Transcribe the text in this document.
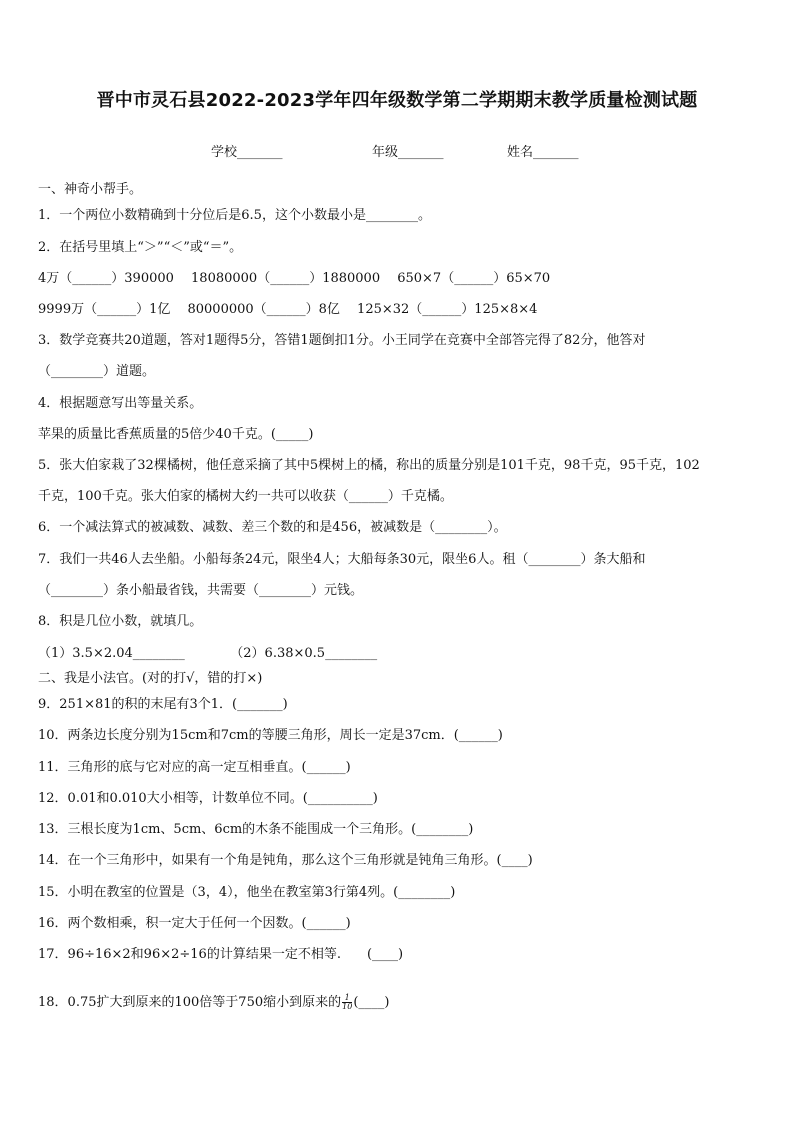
晋中市灵石县2022-2023学年四年级数学第二学期期末教学质量检测试题
学校_______	年级_______	姓名_______
一、神奇小帮手。
1．一个两位小数精确到十分位后是6.5，这个小数最小是________。
2．在括号里填上“＞”“＜”或“＝”。
4万（______）390000　 18080000（______）1880000　 650×7（______）65×70
9999万（______）1亿　 80000000（______）8亿　 125×32（______）125×8×4
3．数学竞赛共20道题，答对1题得5分，答错1题倒扣1分。小王同学在竞赛中全部答完得了82分，他答对
（________）道题。
4．根据题意写出等量关系。
苹果的质量比香蕉质量的5倍少40千克。(_____)
5．张大伯家栽了32棵橘树，他任意采摘了其中5棵树上的橘，称出的质量分别是101千克，98千克，95千克，102
千克，100千克。张大伯家的橘树大约一共可以收获（______）千克橘。
6．一个减法算式的被减数、减数、差三个数的和是456，被减数是（________）。
7．我们一共46人去坐船。小船每条24元，限坐4人；大船每条30元，限坐6人。租（________）条大船和
（________）条小船最省钱，共需要（________）元钱。
8．积是几位小数，就填几。
（1）3.5×2.04________　　　　（2）6.38×0.5________
二、我是小法官。(对的打√，错的打×)
9．251×81的积的末尾有3个1．(_______)
10．两条边长度分别为15cm和7cm的等腰三角形，周长一定是37cm．(______)
11．三角形的底与它对应的高一定互相垂直。(______)
12．0.01和0.010大小相等，计数单位不同。(__________)
13．三根长度为1cm、5cm、6cm的木条不能围成一个三角形。(________)
14．在一个三角形中，如果有一个角是钝角，那么这个三角形就是钝角三角形。(____)
15．小明在教室的位置是（3，4），他坐在教室第3行第4列。(________)
16．两个数相乘，积一定大于任何一个因数。(______)
17．96÷16×2和96×2÷16的计算结果一定不相等.　　(____)
18．0.75扩大到原来的100倍等于750缩小到原来的 $\frac{1}{10}$ (____)
